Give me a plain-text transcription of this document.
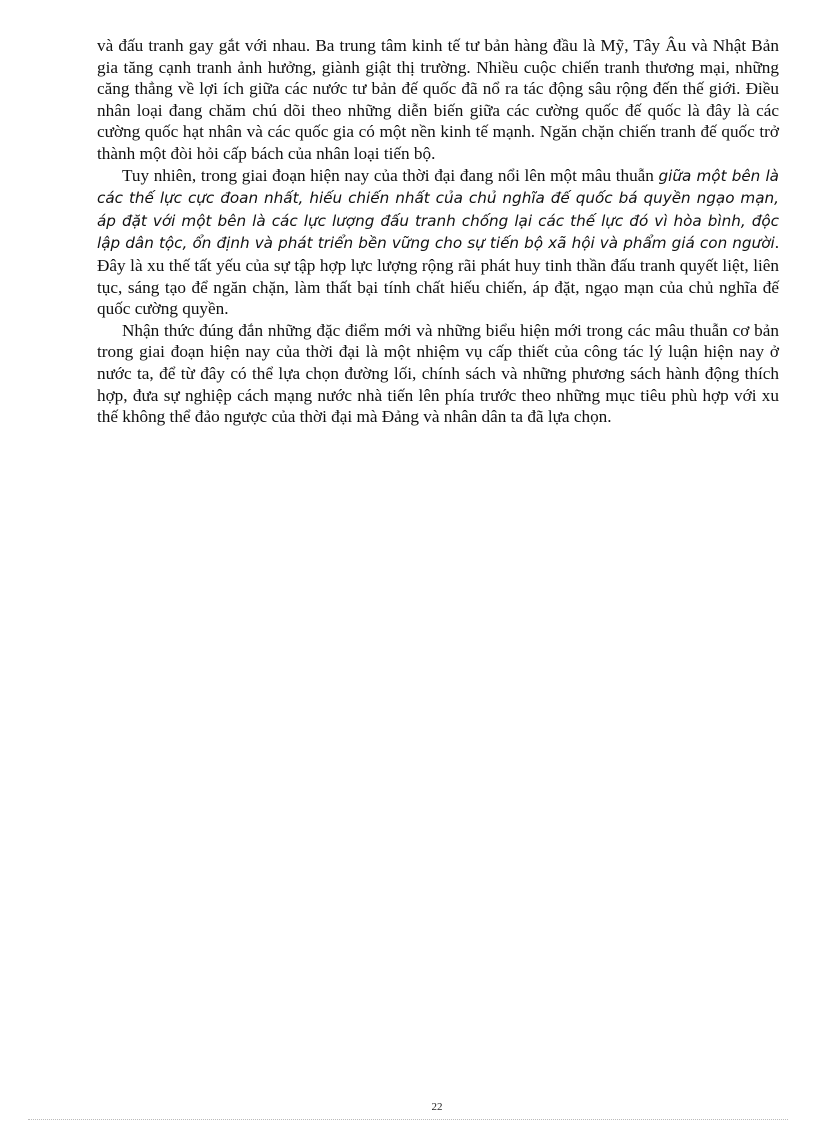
và đấu tranh gay gắt với nhau. Ba trung tâm kinh tế tư bản hàng đầu là Mỹ, Tây Âu và Nhật Bản gia tăng cạnh tranh ảnh hưởng, giành giật thị trường. Nhiều cuộc chiến tranh thương mại, những căng thẳng về lợi ích giữa các nước tư bản đế quốc đã nổ ra tác động sâu rộng đến thế giới. Điều nhân loại đang chăm chú dõi theo những diễn biến giữa các cường quốc đế quốc là đây là các cường quốc hạt nhân và các quốc gia có một nền kinh tế mạnh. Ngăn chặn chiến tranh đế quốc trở thành một đòi hỏi cấp bách của nhân loại tiến bộ.

Tuy nhiên, trong giai đoạn hiện nay của thời đại đang nổi lên một mâu thuẫn giữa một bên là các thế lực cực đoan nhất, hiếu chiến nhất của chủ nghĩa đế quốc bá quyền ngạo mạn, áp đặt với một bên là các lực lượng đấu tranh chống lại các thế lực đó vì hòa bình, độc lập dân tộc, ổn định và phát triển bền vững cho sự tiến bộ xã hội và phẩm giá con người. Đây là xu thế tất yếu của sự tập hợp lực lượng rộng rãi phát huy tinh thần đấu tranh quyết liệt, liên tục, sáng tạo để ngăn chặn, làm thất bại tính chất hiếu chiến, áp đặt, ngạo mạn của chủ nghĩa đế quốc cường quyền.

Nhận thức đúng đắn những đặc điểm mới và những biểu hiện mới trong các mâu thuẫn cơ bản trong giai đoạn hiện nay của thời đại là một nhiệm vụ cấp thiết của công tác lý luận hiện nay ở nước ta, để từ đây có thể lựa chọn đường lối, chính sách và những phương sách hành động thích hợp, đưa sự nghiệp cách mạng nước nhà tiến lên phía trước theo những mục tiêu phù hợp với xu thế không thể đảo ngược của thời đại mà Đảng và nhân dân ta đã lựa chọn.

22
